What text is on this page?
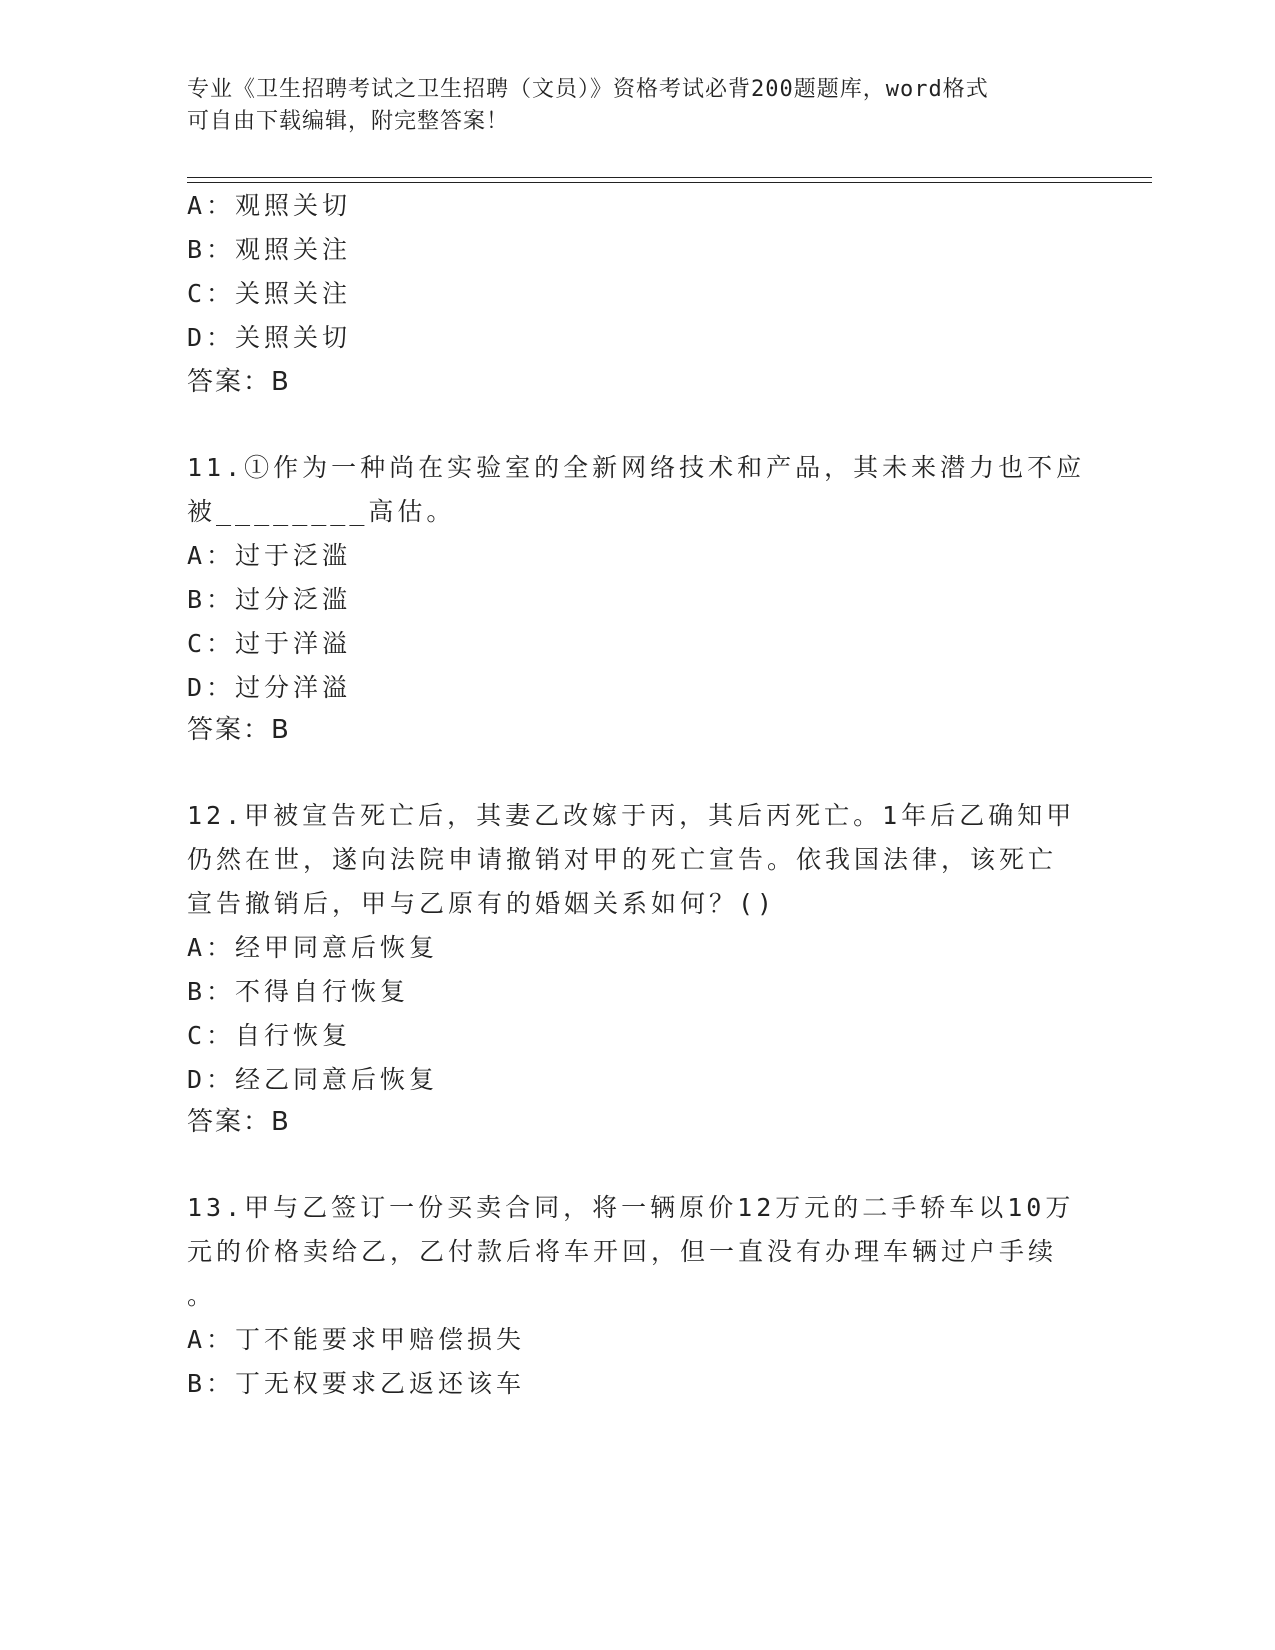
专业《卫生招聘考试之卫生招聘（文员）》资格考试必背200题题库，word格式
可自由下载编辑，附完整答案！
A：观照关切
B：观照关注
C：关照关注
D：关照关切
答案：B
11.①作为一种尚在实验室的全新网络技术和产品，其未来潜力也不应
被________高估。
A：过于泛滥
B：过分泛滥
C：过于洋溢
D：过分洋溢
答案：B
12.甲被宣告死亡后，其妻乙改嫁于丙，其后丙死亡。1年后乙确知甲
仍然在世，遂向法院申请撤销对甲的死亡宣告。依我国法律，该死亡
宣告撤销后，甲与乙原有的婚姻关系如何？()
A：经甲同意后恢复
B：不得自行恢复
C：自行恢复
D：经乙同意后恢复
答案：B
13.甲与乙签订一份买卖合同，将一辆原价12万元的二手轿车以10万
元的价格卖给乙，乙付款后将车开回，但一直没有办理车辆过户手续
。
A：丁不能要求甲赔偿损失
B：丁无权要求乙返还该车
